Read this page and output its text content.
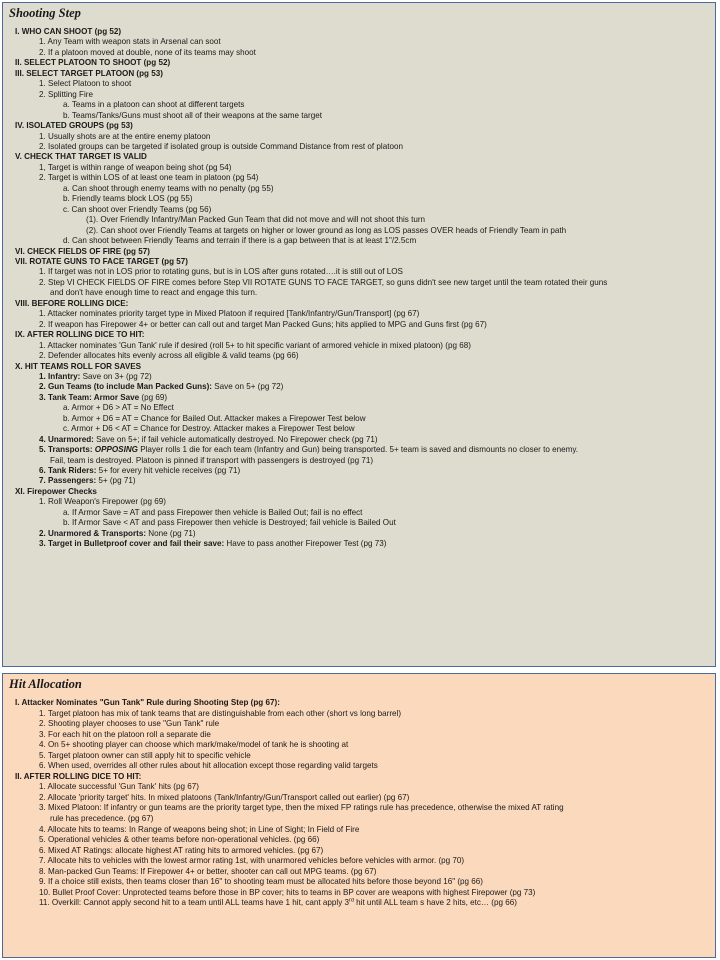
Shooting Step
I. WHO CAN SHOOT (pg 52)
1. Any Team with weapon stats in Arsenal can soot
2. If a platoon moved at double, none of its teams may shoot
II. SELECT PLATOON TO SHOOT (pg 52)
III. SELECT TARGET PLATOON (pg 53)
1. Select Platoon to shoot
2. Splitting Fire
a. Teams in a platoon can shoot at different targets
b. Teams/Tanks/Guns must shoot all of their weapons at the same target
IV. ISOLATED GROUPS (pg 53)
1. Usually shots are at the entire enemy platoon
2. Isolated groups can be targeted if isolated group is outside Command Distance from rest of platoon
V. CHECK THAT TARGET IS VALID
1, Target is within range of weapon being shot (pg 54)
2. Target is within LOS of at least one team in platoon (pg 54)
a. Can shoot through enemy teams with no penalty (pg 55)
b. Friendly teams block LOS (pg 55)
c. Can shoot over Friendly Teams (pg 56)
(1). Over Friendly Infantry/Man Packed Gun Team that did not move and will not shoot this turn
(2). Can shoot over Friendly Teams at targets on higher or lower ground as long as LOS passes OVER heads of Friendly Team in path
d. Can shoot between Friendly Teams and terrain if there is a gap between that is at least 1"/2.5cm
VI. CHECK FIELDS OF FIRE (pg 57)
VII. ROTATE GUNS TO FACE TARGET (pg 57)
1. If target was not in LOS prior to rotating guns, but is in LOS after guns rotated….it is still out of LOS
2. Step VI CHECK FIELDS OF FIRE comes before Step VII ROTATE GUNS TO FACE TARGET, so guns didn't see new target until the team rotated their guns
and don't have enough time to react and engage this turn.
VIII. BEFORE ROLLING DICE:
1. Attacker nominates priority target type in Mixed Platoon if required [Tank/Infantry/Gun/Transport] (pg 67)
2. If weapon has Firepower 4+ or better can call out and target Man Packed Guns; hits applied to MPG and Guns first (pg 67)
IX. AFTER ROLLING DICE TO HIT:
1. Attacker nominates 'Gun Tank' rule if desired (roll 5+ to hit specific variant of armored vehicle in mixed platoon) (pg 68)
2. Defender allocates hits evenly across all eligible & valid teams (pg 66)
X. HIT TEAMS ROLL FOR SAVES
1. Infantry: Save on 3+ (pg 72)
2. Gun Teams (to include Man Packed Guns): Save on 5+ (pg 72)
3. Tank Team: Armor Save (pg 69)
a. Armor + D6 > AT = No Effect
b. Armor + D6 = AT = Chance for Bailed Out. Attacker makes a Firepower Test below
c. Armor + D6 < AT = Chance for Destroy. Attacker makes a Firepower Test below
4. Unarmored: Save on 5+; if fail vehicle automatically destroyed. No Firepower check (pg 71)
5. Transports: OPPOSING Player rolls 1 die for each team (Infantry and Gun) being transported. 5+ team is saved and dismounts no closer to enemy.
Fail, team is destroyed. Platoon is pinned if transport with passengers is destroyed (pg 71)
6. Tank Riders: 5+ for every hit vehicle receives (pg 71)
7. Passengers: 5+ (pg 71)
XI. Firepower Checks
1. Roll Weapon's Firepower (pg 69)
a. If Armor Save = AT and pass Firepower then vehicle is Bailed Out; fail is no effect
b. If Armor Save < AT and pass Firepower then vehicle is Destroyed; fail vehicle is Bailed Out
2. Unarmored & Transports: None (pg 71)
3. Target in Bulletproof cover and fail their save: Have to pass another Firepower Test (pg 73)
Hit Allocation
I. Attacker Nominates "Gun Tank" Rule during Shooting Step (pg 67):
1. Target platoon has mix of tank teams that are distinguishable from each other (short vs long barrel)
2. Shooting player chooses to use "Gun Tank" rule
3. For each hit on the platoon roll a separate die
4. On 5+ shooting player can choose which mark/make/model of tank he is shooting at
5. Target platoon owner can still apply hit to specific vehicle
6. When used, overrides all other rules about hit allocation except those regarding valid targets
II. AFTER ROLLING DICE TO HIT:
1. Allocate successful 'Gun Tank' hits (pg 67)
2. Allocate 'priority target' hits. In mixed platoons (Tank/Infantry/Gun/Transport called out earlier) (pg 67)
3. Mixed Platoon: If infantry or gun teams are the priority target type, then the mixed FP ratings rule has precedence, otherwise the mixed AT rating
rule has precedence. (pg 67)
4. Allocate hits to teams: In Range of weapons being shot; in Line of Sight; In Field of Fire
5. Operational vehicles & other teams before non-operational vehicles. (pg 66)
6. Mixed AT Ratings: allocate highest AT rating hits to armored vehicles. (pg 67)
7. Allocate hits to vehicles with the lowest armor rating 1st, with unarmored vehicles before vehicles with armor. (pg 70)
8. Man-packed Gun Teams: If Firepower 4+ or better, shooter can call out MPG teams. (pg 67)
9. If a choice still exists, then teams closer than 16" to shooting team must be allocated hits before those beyond 16" (pg 66)
10. Bullet Proof Cover: Unprotected teams before those in BP cover; hits to teams in BP cover are weapons with highest Firepower (pg 73)
11. Overkill: Cannot apply second hit to a team until ALL teams have 1 hit, cant apply 3rd hit until ALL team s have 2 hits, etc… (pg 66)
